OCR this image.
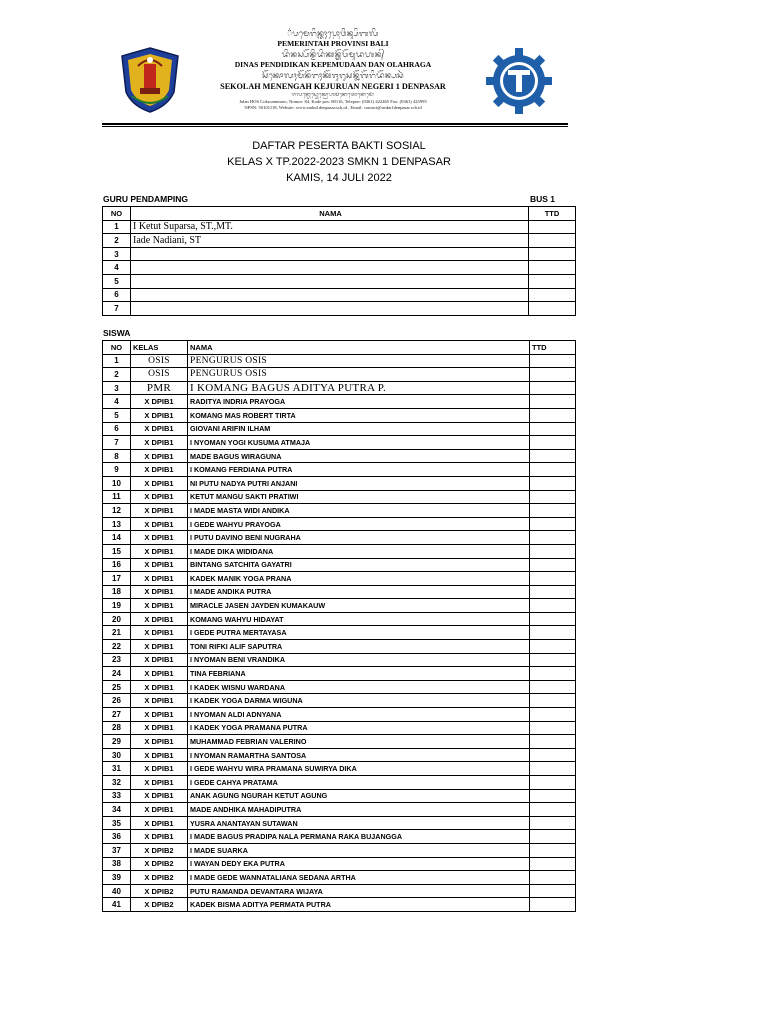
᬴ᬧᬫᬾᬭᬶᬦ᭄ᬢᬄᬧ᭄ᬭᭀᬯᬶᬦ᭄ᬲᬶᬩᬮᬶ
PEMERINTAH PROVINSI BALI
ᬤᬶᬦᬲ᭄ᬧᭂᬦ᭄ᬤᬶᬤᬶᬓᬦ᭄ᬓᭂᬧᭂᬫᬸᬤᬳᬦ᭄
DINAS PENDIDIKAN KEPEMUDAAN DAN OLAHRAGA
ᬲᭂᬓᭀᬮᬄᬫᭂᬦᭂᬗᬄᬓᭂᬚᬸᬭᬸᬲᬦ᭄ᬦᭂᬕᭂᬭᬶᬤᭂᬦ᭄ᬧᬲᬃ
SEKOLAH MENENGAH KEJURUAN NEGERI 1 DENPASAR
ᬚᬮᬦ᭄ᬳᭀᬲ᭄ᬘᭀᬓ᭄ᬭᭀᬳᬫᬶᬦᭀᬢᭀᬦᭀᬫᭀᬃ
Jalan HOS Cokroaminoto, Nomor: 84, Kode pos: 80116, Telepon: (0361) 422465 Fax: (0361) 425995
NPSN: 50101118, Website: www.smkn1denpasar.sch.id , Email: contact@smkn1denpasar.sch.id
DAFTAR PESERTA BAKTI SOSIAL
KELAS X TP.2022-2023 SMKN 1 DENPASAR
KAMIS, 14 JULI 2022
GURU PENDAMPING	BUS 1
NO	NAMA	TTD
1	I Ketut Suparsa, ST.,MT.	
2	Iade Nadiani, ST	
3		
4		
5		
6		
7		
SISWA
NO	KELAS	NAMA	TTD
1	OSIS	PENGURUS OSIS	
2	OSIS	PENGURUS OSIS	
3	PMR	I KOMANG BAGUS ADITYA PUTRA P.	
4	X DPIB1	RADITYA INDRIA PRAYOGA	
5	X DPIB1	KOMANG MAS ROBERT TIRTA	
6	X DPIB1	GIOVANI ARIFIN ILHAM	
7	X DPIB1	I NYOMAN YOGI KUSUMA ATMAJA	
8	X DPIB1	MADE BAGUS WIRAGUNA	
9	X DPIB1	I KOMANG FERDIANA PUTRA	
10	X DPIB1	NI PUTU NADYA PUTRI ANJANI	
11	X DPIB1	KETUT MANGU SAKTI PRATIWI	
12	X DPIB1	I MADE MASTA WIDI ANDIKA	
13	X DPIB1	I GEDE WAHYU PRAYOGA	
14	X DPIB1	I PUTU DAVINO BENI NUGRAHA	
15	X DPIB1	I MADE DIKA WIDIDANA	
16	X DPIB1	BINTANG SATCHITA GAYATRI	
17	X DPIB1	KADEK MANIK YOGA PRANA	
18	X DPIB1	I MADE ANDIKA PUTRA	
19	X DPIB1	MIRACLE JASEN JAYDEN KUMAKAUW	
20	X DPIB1	KOMANG WAHYU HIDAYAT	
21	X DPIB1	I GEDE PUTRA MERTAYASA	
22	X DPIB1	TONI RIFKI ALIF SAPUTRA	
23	X DPIB1	I NYOMAN BENI VRANDIKA	
24	X DPIB1	TINA FEBRIANA	
25	X DPIB1	I KADEK WISNU WARDANA	
26	X DPIB1	I KADEK YOGA DARMA WIGUNA	
27	X DPIB1	I NYOMAN ALDI ADNYANA	
28	X DPIB1	I KADEK YOGA PRAMANA PUTRA	
29	X DPIB1	MUHAMMAD FEBRIAN VALERINO	
30	X DPIB1	I NYOMAN RAMARTHA SANTOSA	
31	X DPIB1	I GEDE WAHYU WIRA PRAMANA SUWIRYA DIKA	
32	X DPIB1	I GEDE CAHYA PRATAMA	
33	X DPIB1	ANAK AGUNG NGURAH KETUT AGUNG	
34	X DPIB1	MADE ANDHIKA MAHADIPUTRA	
35	X DPIB1	YUSRA ANANTAYAN SUTAWAN	
36	X DPIB1	I MADE BAGUS PRADIPA NALA PERMANA RAKA BUJANGGA	
37	X DPIB2	I MADE SUARKA	
38	X DPIB2	I WAYAN DEDY EKA PUTRA	
39	X DPIB2	I MADE GEDE WANNATALIANA SEDANA ARTHA	
40	X DPIB2	PUTU RAMANDA DEVANTARA WIJAYA	
41	X DPIB2	KADEK BISMA ADITYA PERMATA PUTRA	
